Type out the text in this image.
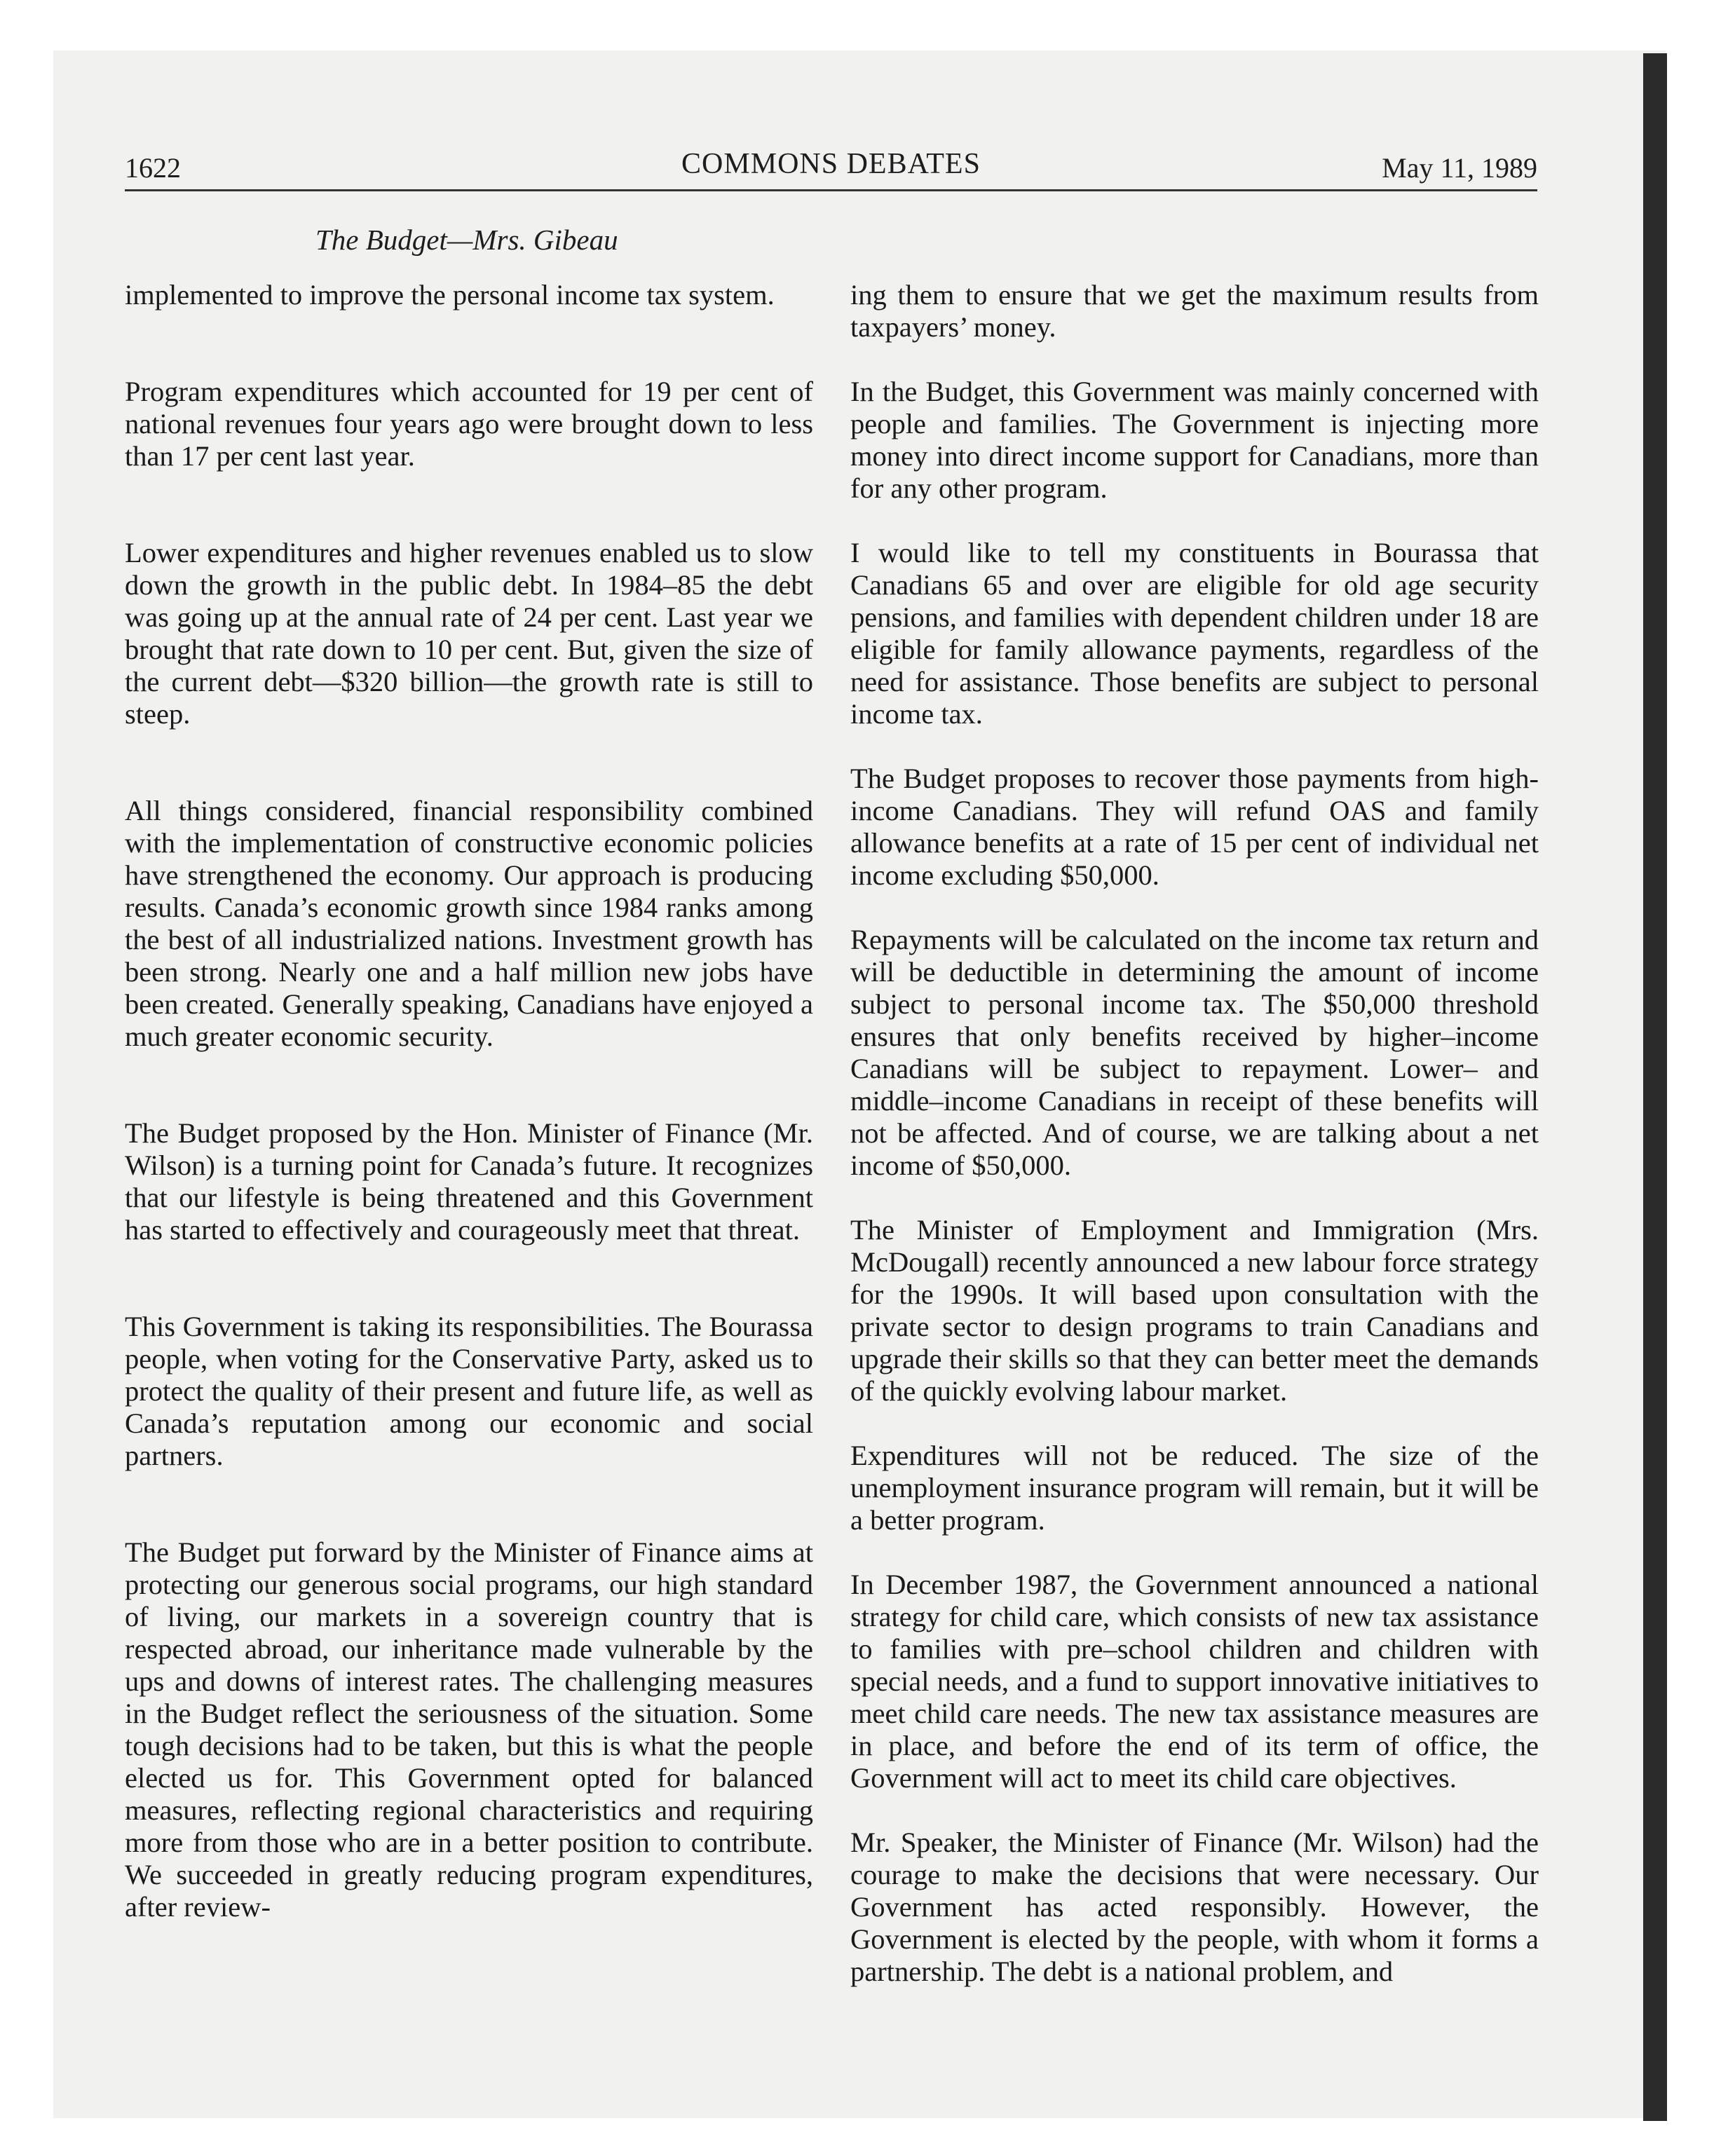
1622	COMMONS DEBATES	May 11, 1989
The Budget—Mrs. Gibeau

implemented to improve the personal income tax system.

Program expenditures which accounted for 19 per cent of national revenues four years ago were brought down to less than 17 per cent last year.

Lower expenditures and higher revenues enabled us to slow down the growth in the public debt. In 1984–85 the debt was going up at the annual rate of 24 per cent. Last year we brought that rate down to 10 per cent. But, given the size of the current debt—$320 billion—the growth rate is still to steep.

All things considered, financial responsibility combined with the implementation of constructive economic policies have strengthened the economy. Our approach is producing results. Canada’s economic growth since 1984 ranks among the best of all industrialized nations. Investment growth has been strong. Nearly one and a half million new jobs have been created. Generally speaking, Canadians have enjoyed a much greater economic security.

The Budget proposed by the Hon. Minister of Finance (Mr. Wilson) is a turning point for Canada’s future. It recognizes that our lifestyle is being threatened and this Government has started to effectively and courageously meet that threat.

This Government is taking its responsibilities. The Bourassa people, when voting for the Conservative Party, asked us to protect the quality of their present and future life, as well as Canada’s reputation among our economic and social partners.

The Budget put forward by the Minister of Finance aims at protecting our generous social programs, our high standard of living, our markets in a sovereign country that is respected abroad, our inheritance made vulnerable by the ups and downs of interest rates. The challenging measures in the Budget reflect the seriousness of the situation. Some tough decisions had to be taken, but this is what the people elected us for. This Government opted for balanced measures, reflecting regional characteristics and requiring more from those who are in a better position to contribute. We succeeded in greatly reducing program expenditures, after review-

ing them to ensure that we get the maximum results from taxpayers’ money.

In the Budget, this Government was mainly concerned with people and families. The Government is injecting more money into direct income support for Canadians, more than for any other program.

I would like to tell my constituents in Bourassa that Canadians 65 and over are eligible for old age security pensions, and families with dependent children under 18 are eligible for family allowance payments, regardless of the need for assistance. Those benefits are subject to personal income tax.

The Budget proposes to recover those payments from high- income Canadians. They will refund OAS and family allowance benefits at a rate of 15 per cent of individual net income excluding $50,000.

Repayments will be calculated on the income tax return and will be deductible in determining the amount of income subject to personal income tax. The $50,000 threshold ensures that only benefits received by higher–income Canadians will be subject to repayment. Lower– and middle–income Canadians in receipt of these benefits will not be affected. And of course, we are talking about a net income of $50,000.

The Minister of Employment and Immigration (Mrs. McDougall) recently announced a new labour force strategy for the 1990s. It will based upon consultation with the private sector to design programs to train Canadians and upgrade their skills so that they can better meet the demands of the quickly evolving labour market.

Expenditures will not be reduced. The size of the unemployment insurance program will remain, but it will be a better program.

In December 1987, the Government announced a national strategy for child care, which consists of new tax assistance to families with pre–school children and children with special needs, and a fund to support innovative initiatives to meet child care needs. The new tax assistance measures are in place, and before the end of its term of office, the Government will act to meet its child care objectives.

Mr. Speaker, the Minister of Finance (Mr. Wilson) had the courage to make the decisions that were necessary. Our Government has acted responsibly. However, the Government is elected by the people, with whom it forms a partnership. The debt is a national problem, and
